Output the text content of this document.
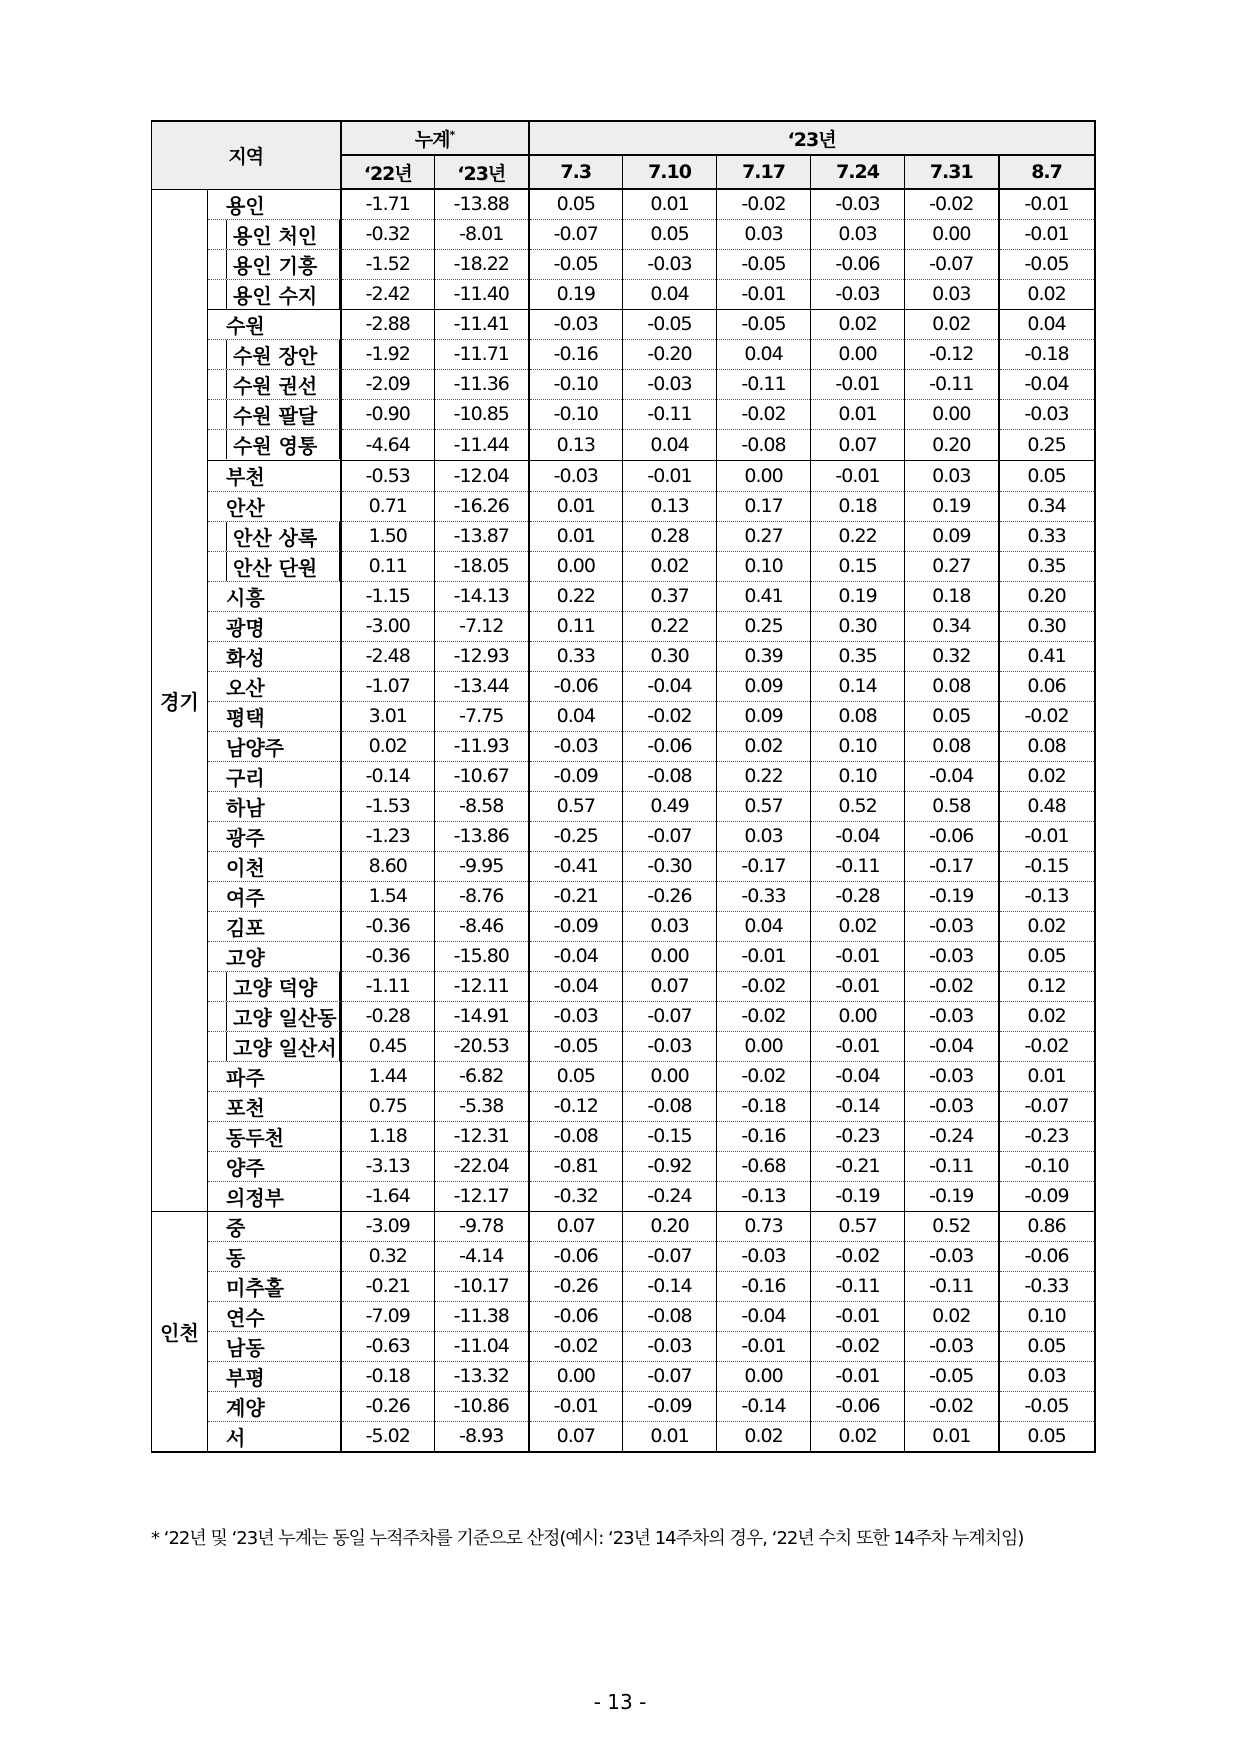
지역		누계*		‘23년					
		‘22년	‘23년	7.3	7.10	7.17	7.24	7.31	8.7
경기	용인	-1.71	-13.88	0.05	0.01	-0.02	-0.03	-0.02	-0.01

	용인 처인	-0.32	-8.01	-0.07	0.05	0.03	0.03	0.00	-0.01

	용인 기흥	-1.52	-18.22	-0.05	-0.03	-0.05	-0.06	-0.07	-0.05

	용인 수지	-2.42	-11.40	0.19	0.04	-0.01	-0.03	0.03	0.02
	수원	-2.88	-11.41	-0.03	-0.05	-0.05	0.02	0.02	0.04

	수원 장안	-1.92	-11.71	-0.16	-0.20	0.04	0.00	-0.12	-0.18

	수원 권선	-2.09	-11.36	-0.10	-0.03	-0.11	-0.01	-0.11	-0.04

	수원 팔달	-0.90	-10.85	-0.10	-0.11	-0.02	0.01	0.00	-0.03

	수원 영통	-4.64	-11.44	0.13	0.04	-0.08	0.07	0.20	0.25
	부천	-0.53	-12.04	-0.03	-0.01	0.00	-0.01	0.03	0.05
	안산	0.71	-16.26	0.01	0.13	0.17	0.18	0.19	0.34

	안산 상록	1.50	-13.87	0.01	0.28	0.27	0.22	0.09	0.33

	안산 단원	0.11	-18.05	0.00	0.02	0.10	0.15	0.27	0.35
	시흥	-1.15	-14.13	0.22	0.37	0.41	0.19	0.18	0.20
	광명	-3.00	-7.12	0.11	0.22	0.25	0.30	0.34	0.30
	화성	-2.48	-12.93	0.33	0.30	0.39	0.35	0.32	0.41
	오산	-1.07	-13.44	-0.06	-0.04	0.09	0.14	0.08	0.06
	평택	3.01	-7.75	0.04	-0.02	0.09	0.08	0.05	-0.02
	남양주	0.02	-11.93	-0.03	-0.06	0.02	0.10	0.08	0.08
	구리	-0.14	-10.67	-0.09	-0.08	0.22	0.10	-0.04	0.02
	하남	-1.53	-8.58	0.57	0.49	0.57	0.52	0.58	0.48
	광주	-1.23	-13.86	-0.25	-0.07	0.03	-0.04	-0.06	-0.01
	이천	8.60	-9.95	-0.41	-0.30	-0.17	-0.11	-0.17	-0.15
	여주	1.54	-8.76	-0.21	-0.26	-0.33	-0.28	-0.19	-0.13
	김포	-0.36	-8.46	-0.09	0.03	0.04	0.02	-0.03	0.02
	고양	-0.36	-15.80	-0.04	0.00	-0.01	-0.01	-0.03	0.05

	고양 덕양	-1.11	-12.11	-0.04	0.07	-0.02	-0.01	-0.02	0.12

	고양 일산동	-0.28	-14.91	-0.03	-0.07	-0.02	0.00	-0.03	0.02

	고양 일산서	0.45	-20.53	-0.05	-0.03	0.00	-0.01	-0.04	-0.02
	파주	1.44	-6.82	0.05	0.00	-0.02	-0.04	-0.03	0.01
	포천	0.75	-5.38	-0.12	-0.08	-0.18	-0.14	-0.03	-0.07
	동두천	1.18	-12.31	-0.08	-0.15	-0.16	-0.23	-0.24	-0.23
	양주	-3.13	-22.04	-0.81	-0.92	-0.68	-0.21	-0.11	-0.10
	의정부	-1.64	-12.17	-0.32	-0.24	-0.13	-0.19	-0.19	-0.09
인천	중	-3.09	-9.78	0.07	0.20	0.73	0.57	0.52	0.86
	동	0.32	-4.14	-0.06	-0.07	-0.03	-0.02	-0.03	-0.06
	미추홀	-0.21	-10.17	-0.26	-0.14	-0.16	-0.11	-0.11	-0.33
	연수	-7.09	-11.38	-0.06	-0.08	-0.04	-0.01	0.02	0.10
	남동	-0.63	-11.04	-0.02	-0.03	-0.01	-0.02	-0.03	0.05
	부평	-0.18	-13.32	0.00	-0.07	0.00	-0.01	-0.05	0.03
	계양	-0.26	-10.86	-0.01	-0.09	-0.14	-0.06	-0.02	-0.05
	서	-5.02	-8.93	0.07	0.01	0.02	0.02	0.01	0.05
* ‘22년 및 ‘23년 누계는 동일 누적주차를 기준으로 산정(예시: ‘23년 14주차의 경우, ‘22년 수치 또한 14주차 누계치임)
- 13 -
